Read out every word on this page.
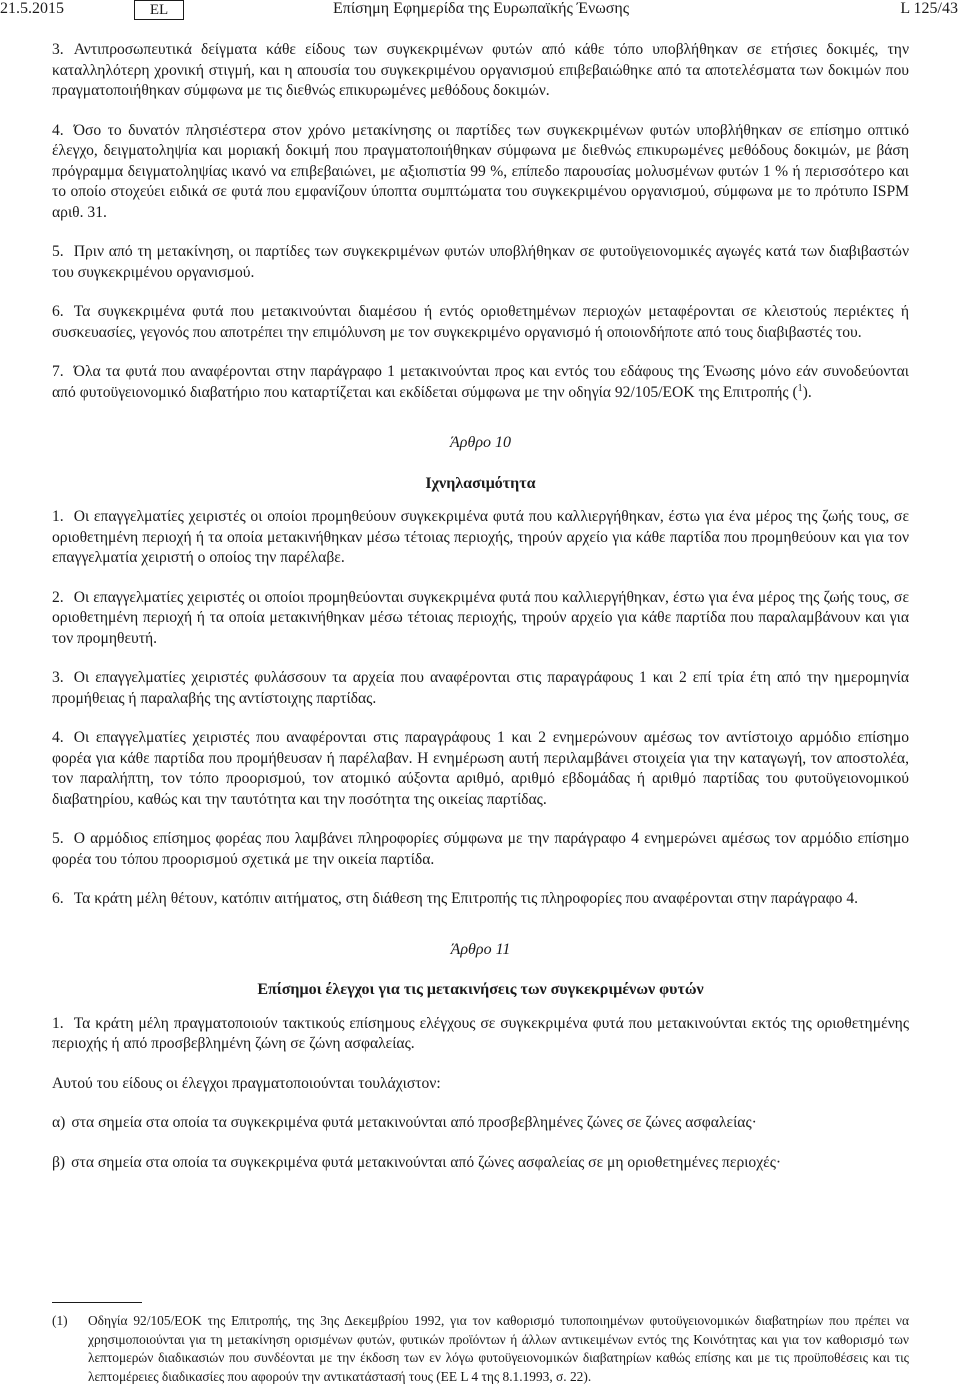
21.5.2015	EL	Επίσημη Εφημερίδα της Ευρωπαϊκής Ένωσης	L 125/43

3. Αντιπροσωπευτικά δείγματα κάθε είδους των συγκεκριμένων φυτών από κάθε τόπο υποβλήθηκαν σε ετήσιες δοκιμές, την καταλληλότερη χρονική στιγμή, και η απουσία του συγκεκριμένου οργανισμού επιβεβαιώθηκε από τα αποτελέσματα των δοκιμών που πραγματοποιήθηκαν σύμφωνα με τις διεθνώς επικυρωμένες μεθόδους δοκιμών.

4. Όσο το δυνατόν πλησιέστερα στον χρόνο μετακίνησης οι παρτίδες των συγκεκριμένων φυτών υποβλήθηκαν σε επίσημο οπτικό έλεγχο, δειγματοληψία και μοριακή δοκιμή που πραγματοποιήθηκαν σύμφωνα με διεθνώς επικυρωμένες μεθόδους δοκιμών, με βάση πρόγραμμα δειγματοληψίας ικανό να επιβεβαιώνει, με αξιοπιστία 99 %, επίπεδο παρουσίας μολυσμένων φυτών 1 % ή περισσότερο και το οποίο στοχεύει ειδικά σε φυτά που εμφανίζουν ύποπτα συμπτώματα του συγκεκριμένου οργανισμού, σύμφωνα με το πρότυπο ISPM αριθ. 31.

5. Πριν από τη μετακίνηση, οι παρτίδες των συγκεκριμένων φυτών υποβλήθηκαν σε φυτοϋγειονομικές αγωγές κατά των διαβιβαστών του συγκεκριμένου οργανισμού.

6. Τα συγκεκριμένα φυτά που μετακινούνται διαμέσου ή εντός οριοθετημένων περιοχών μεταφέρονται σε κλειστούς περιέκτες ή συσκευασίες, γεγονός που αποτρέπει την επιμόλυνση με τον συγκεκριμένο οργανισμό ή οποιονδήποτε από τους διαβιβαστές του.

7. Όλα τα φυτά που αναφέρονται στην παράγραφο 1 μετακινούνται προς και εντός του εδάφους της Ένωσης μόνο εάν συνοδεύονται από φυτοϋγειονομικό διαβατήριο που καταρτίζεται και εκδίδεται σύμφωνα με την οδηγία 92/105/ΕΟΚ της Επιτροπής ($^1$).

Άρθρο 10
Ιχνηλασιμότητα

1. Οι επαγγελματίες χειριστές οι οποίοι προμηθεύουν συγκεκριμένα φυτά που καλλιεργήθηκαν, έστω για ένα μέρος της ζωής τους, σε οριοθετημένη περιοχή ή τα οποία μετακινήθηκαν μέσω τέτοιας περιοχής, τηρούν αρχείο για κάθε παρτίδα που προμηθεύουν και για τον επαγγελματία χειριστή ο οποίος την παρέλαβε.

2. Οι επαγγελματίες χειριστές οι οποίοι προμηθεύονται συγκεκριμένα φυτά που καλλιεργήθηκαν, έστω για ένα μέρος της ζωής τους, σε οριοθετημένη περιοχή ή τα οποία μετακινήθηκαν μέσω τέτοιας περιοχής, τηρούν αρχείο για κάθε παρτίδα που παραλαμβάνουν και για τον προμηθευτή.

3. Οι επαγγελματίες χειριστές φυλάσσουν τα αρχεία που αναφέρονται στις παραγράφους 1 και 2 επί τρία έτη από την ημερομηνία προμήθειας ή παραλαβής της αντίστοιχης παρτίδας.

4. Οι επαγγελματίες χειριστές που αναφέρονται στις παραγράφους 1 και 2 ενημερώνουν αμέσως τον αντίστοιχο αρμόδιο επίσημο φορέα για κάθε παρτίδα που προμήθευσαν ή παρέλαβαν. Η ενημέρωση αυτή περιλαμβάνει στοιχεία για την καταγωγή, τον αποστολέα, τον παραλήπτη, τον τόπο προορισμού, τον ατομικό αύξοντα αριθμό, αριθμό εβδομάδας ή αριθμό παρτίδας του φυτοϋγειονομικού διαβατηρίου, καθώς και την ταυτότητα και την ποσότητα της οικείας παρτίδας.

5. Ο αρμόδιος επίσημος φορέας που λαμβάνει πληροφορίες σύμφωνα με την παράγραφο 4 ενημερώνει αμέσως τον αρμόδιο επίσημο φορέα του τόπου προορισμού σχετικά με την οικεία παρτίδα.

6. Τα κράτη μέλη θέτουν, κατόπιν αιτήματος, στη διάθεση της Επιτροπής τις πληροφορίες που αναφέρονται στην παράγραφο 4.

Άρθρο 11
Επίσημοι έλεγχοι για τις μετακινήσεις των συγκεκριμένων φυτών

1. Τα κράτη μέλη πραγματοποιούν τακτικούς επίσημους ελέγχους σε συγκεκριμένα φυτά που μετακινούνται εκτός της οριοθετημένης περιοχής ή από προσβεβλημένη ζώνη σε ζώνη ασφαλείας.

Αυτού του είδους οι έλεγχοι πραγματοποιούνται τουλάχιστον:

α) στα σημεία στα οποία τα συγκεκριμένα φυτά μετακινούνται από προσβεβλημένες ζώνες σε ζώνες ασφαλείας·

β) στα σημεία στα οποία τα συγκεκριμένα φυτά μετακινούνται από ζώνες ασφαλείας σε μη οριοθετημένες περιοχές·

(1)	Οδηγία 92/105/ΕΟΚ της Επιτροπής, της 3ης Δεκεμβρίου 1992, για τον καθορισμό τυποποιημένων φυτοϋγειονομικών διαβατηρίων που πρέπει να χρησιμοποιούνται για τη μετακίνηση ορισμένων φυτών, φυτικών προϊόντων ή άλλων αντικειμένων εντός της Κοινότητας και για τον καθορισμό των λεπτομερών διαδικασιών που συνδέονται με την έκδοση των εν λόγω φυτοϋγειονομικών διαβατηρίων καθώς επίσης και με τις προϋποθέσεις και τις λεπτομέρειες διαδικασίες που αφορούν την αντικατάστασή τους (ΕΕ L 4 της 8.1.1993, σ. 22).
